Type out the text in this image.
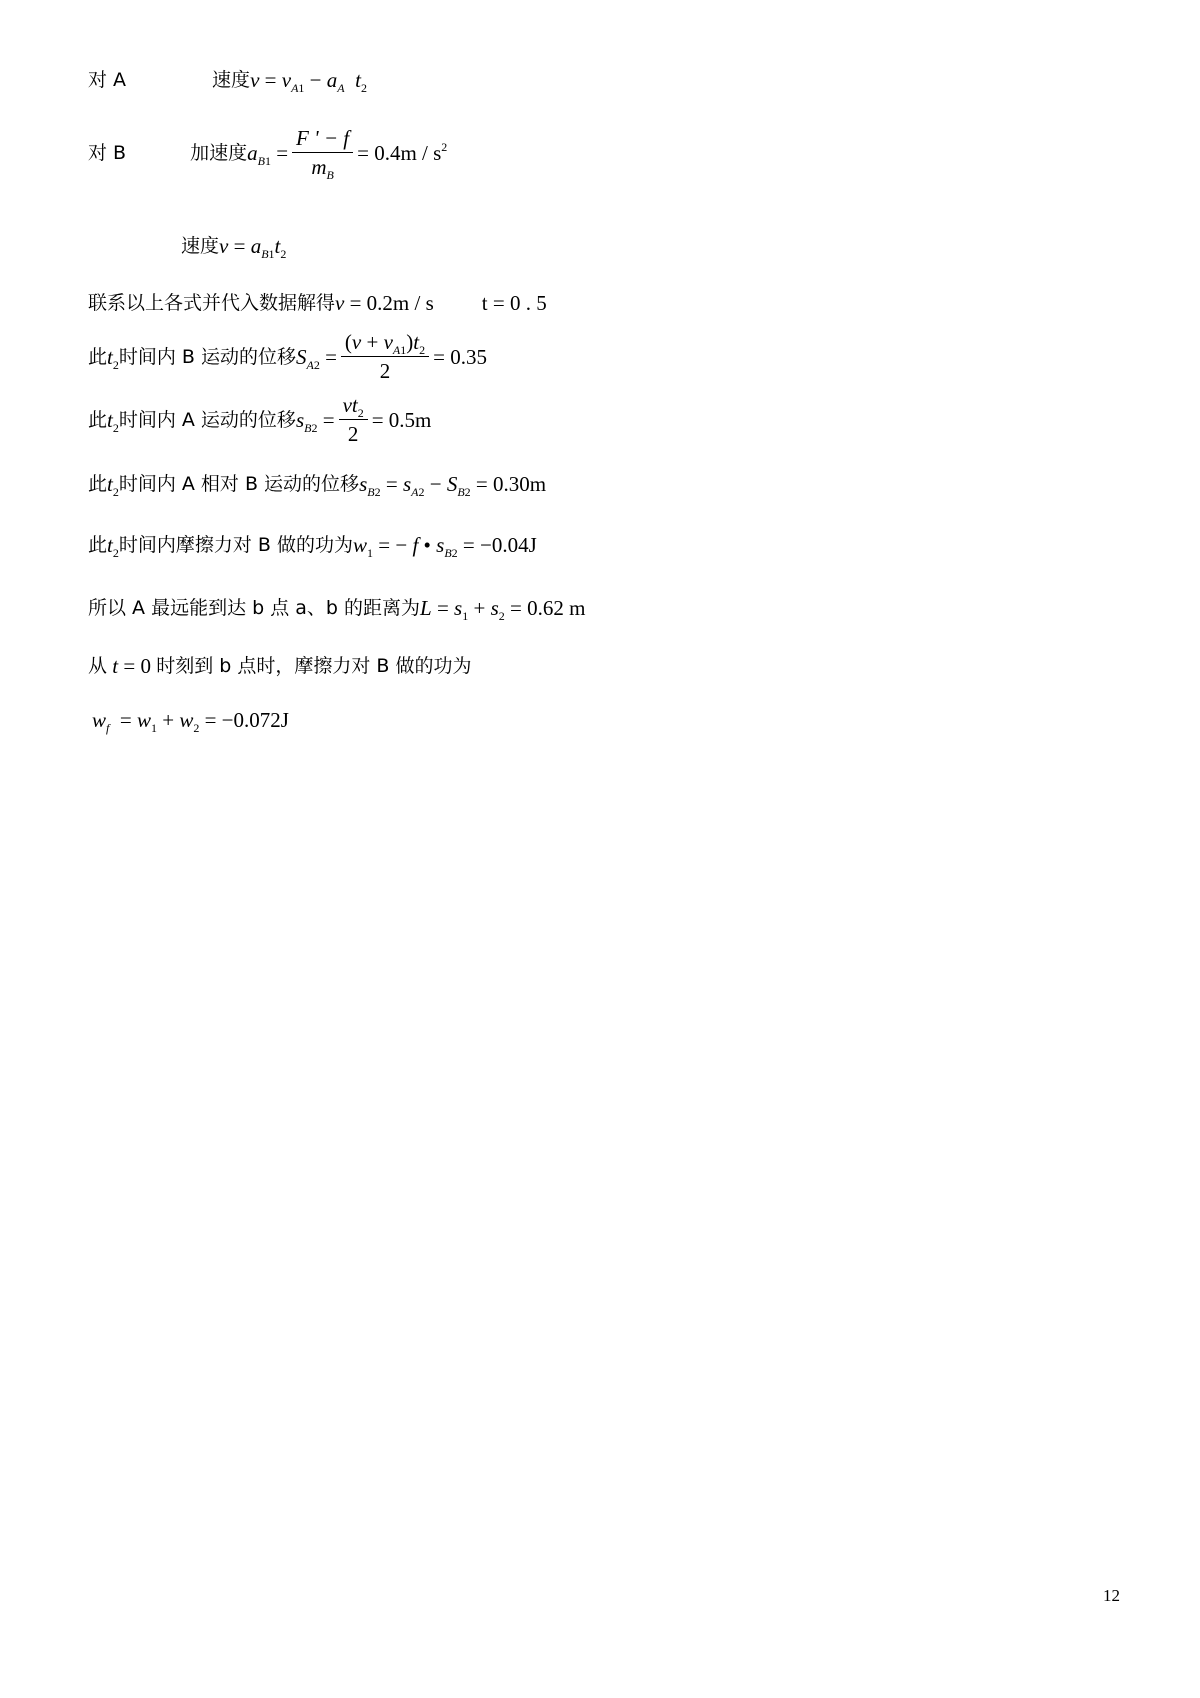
对 A	速度 $v = v_{A1} - a_A$ $t_2$
对 B	加速度 $a_{B1} = \frac{F ' - f}{m_B} = 0.4m / s^2$
速度 $v = a_{B1}t_2$
联系以上各式并代入数据解得 v = 0.2m / s t = 0 . 5
此 $t_2$ 时间内 B 运动的位移 $S_{A2} = \frac{(v + v_{A1})t_2}{2} = 0.35$
此 $t_2$ 时间内 A 运动的位移 $s_{B2} = \frac{vt_2}{2} = 0.5m$
此 $t_2$ 时间内 A 相对 B 运动的位移 $s_{B2} = s_{A2} - S_{B2} = 0.30m$
此 $t_2$ 时间内摩擦力对 B 做的功为 $w_1$ = − f • $s_{B2} = -0.04J$
所以 A 最远能到达 b 点 a、b 的距离为 $L = s_1 + s_2 = 0.62$ m
从 t = 0 时刻到 b 点时，摩擦力对 B 做的功为
$w_f = w_1 + w_2 = -0.072J$
12
